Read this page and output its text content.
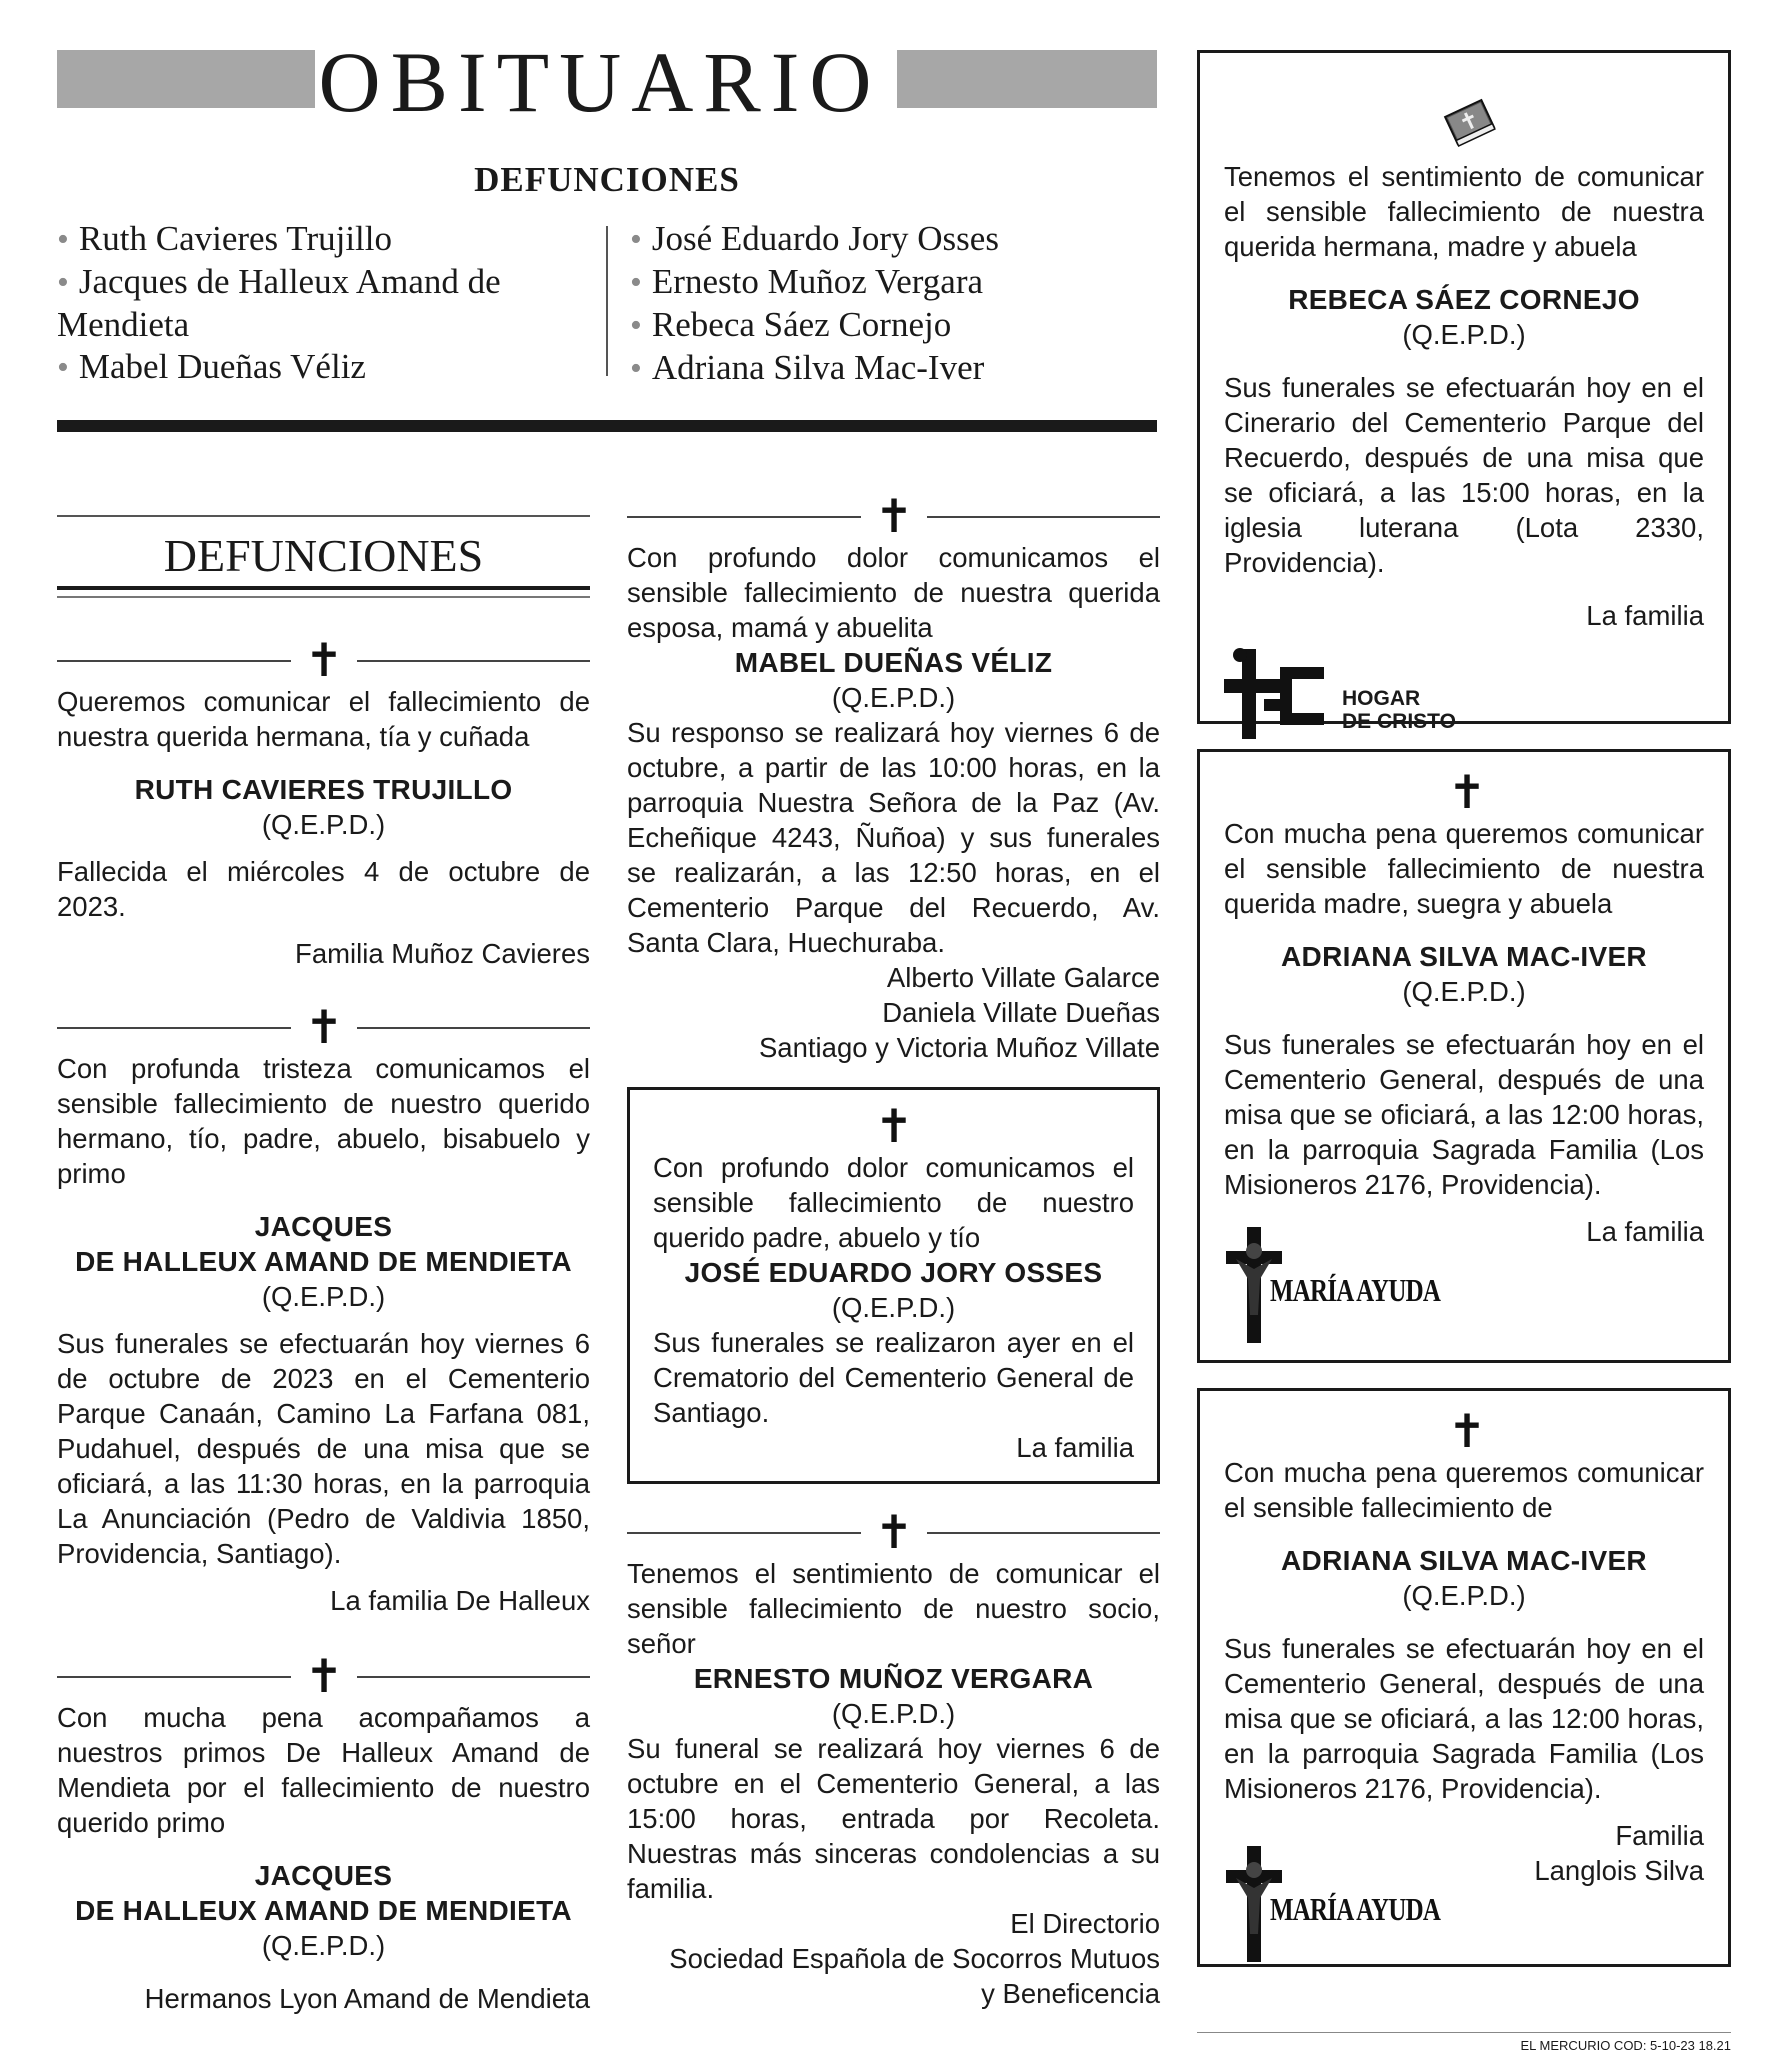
OBITUARIO
DEFUNCIONES
• Ruth Cavieres Trujillo
• Jacques de Halleux Amand de Mendieta
• Mabel Dueñas Véliz
• José Eduardo Jory Osses
• Ernesto Muñoz Vergara
• Rebeca Sáez Cornejo
• Adriana Silva Mac-Iver
DEFUNCIONES
✝

Queremos comunicar el fallecimiento de nuestra querida hermana, tía y cuñada

RUTH CAVIERES TRUJILLO
(Q.E.P.D.)

Fallecida el miércoles 4 de octubre de 2023.

Familia Muñoz Cavieres
✝

Con profunda tristeza comunicamos el sensible fallecimiento de nuestro querido hermano, tío, padre, abuelo, bisabuelo y primo

JACQUES
DE HALLEUX AMAND DE MENDIETA
(Q.E.P.D.)

Sus funerales se efectuarán hoy viernes 6 de octubre de 2023 en el Cementerio Parque Canaán, Camino La Farfana 081, Pudahuel, después de una misa que se oficiará, a las 11:30 horas, en la parroquia La Anunciación (Pedro de Valdivia 1850, Providencia, Santiago).

La familia De Halleux
✝

Con mucha pena acompañamos a nuestros primos De Halleux Amand de Mendieta por el fallecimiento de nuestro querido primo

JACQUES
DE HALLEUX AMAND DE MENDIETA
(Q.E.P.D.)
Hermanos Lyon Amand de Mendieta
✝

Con profundo dolor comunicamos el sensible fallecimiento de nuestra querida esposa, mamá y abuelita

MABEL DUEÑAS VÉLIZ
(Q.E.P.D.)

Su responso se realizará hoy viernes 6 de octubre, a partir de las 10:00 horas, en la parroquia Nuestra Señora de la Paz (Av. Echeñique 4243, Ñuñoa) y sus funerales se realizarán, a las 12:50 horas, en el Cementerio Parque del Recuerdo, Av. Santa Clara, Huechuraba.

Alberto Villate Galarce
Daniela Villate Dueñas
Santiago y Victoria Muñoz Villate
✝

Con profundo dolor comunicamos el sensible fallecimiento de nuestro querido padre, abuelo y tío

JOSÉ EDUARDO JORY OSSES
(Q.E.P.D.)

Sus funerales se realizaron ayer en el Crematorio del Cementerio General de Santiago.

La familia
✝

Tenemos el sentimiento de comunicar el sensible fallecimiento de nuestro socio, señor

ERNESTO MUÑOZ VERGARA
(Q.E.P.D.)

Su funeral se realizará hoy viernes 6 de octubre en el Cementerio General, a las 15:00 horas, entrada por Recoleta. Nuestras más sinceras condolencias a su familia.

El Directorio
Sociedad Española de Socorros Mutuos
y Beneficencia

Tenemos el sentimiento de comunicar el sensible fallecimiento de nuestra querida hermana, madre y abuela

REBECA SÁEZ CORNEJO
(Q.E.P.D.)

Sus funerales se efectuarán hoy en el Cinerario del Cementerio Parque del Recuerdo, después de una misa que se oficiará, a las 15:00 horas, en la iglesia luterana (Lota 2330, Providencia).

La familia
HOGAR
DE CRISTO
✝

Con mucha pena queremos comunicar el sensible fallecimiento de nuestra querida madre, suegra y abuela

ADRIANA SILVA MAC-IVER
(Q.E.P.D.)

Sus funerales se efectuarán hoy en el Cementerio General, después de una misa que se oficiará, a las 12:00 horas, en la parroquia Sagrada Familia (Los Misioneros 2176, Providencia).

La familia
MARÍA AYUDA
✝

Con mucha pena queremos comunicar el sensible fallecimiento de

ADRIANA SILVA MAC-IVER
(Q.E.P.D.)

Sus funerales se efectuarán hoy en el Cementerio General, después de una misa que se oficiará, a las 12:00 horas, en la parroquia Sagrada Familia (Los Misioneros 2176, Providencia).

Familia
Langlois Silva
MARÍA AYUDA
EL MERCURIO COD: 5-10-23 18.21
